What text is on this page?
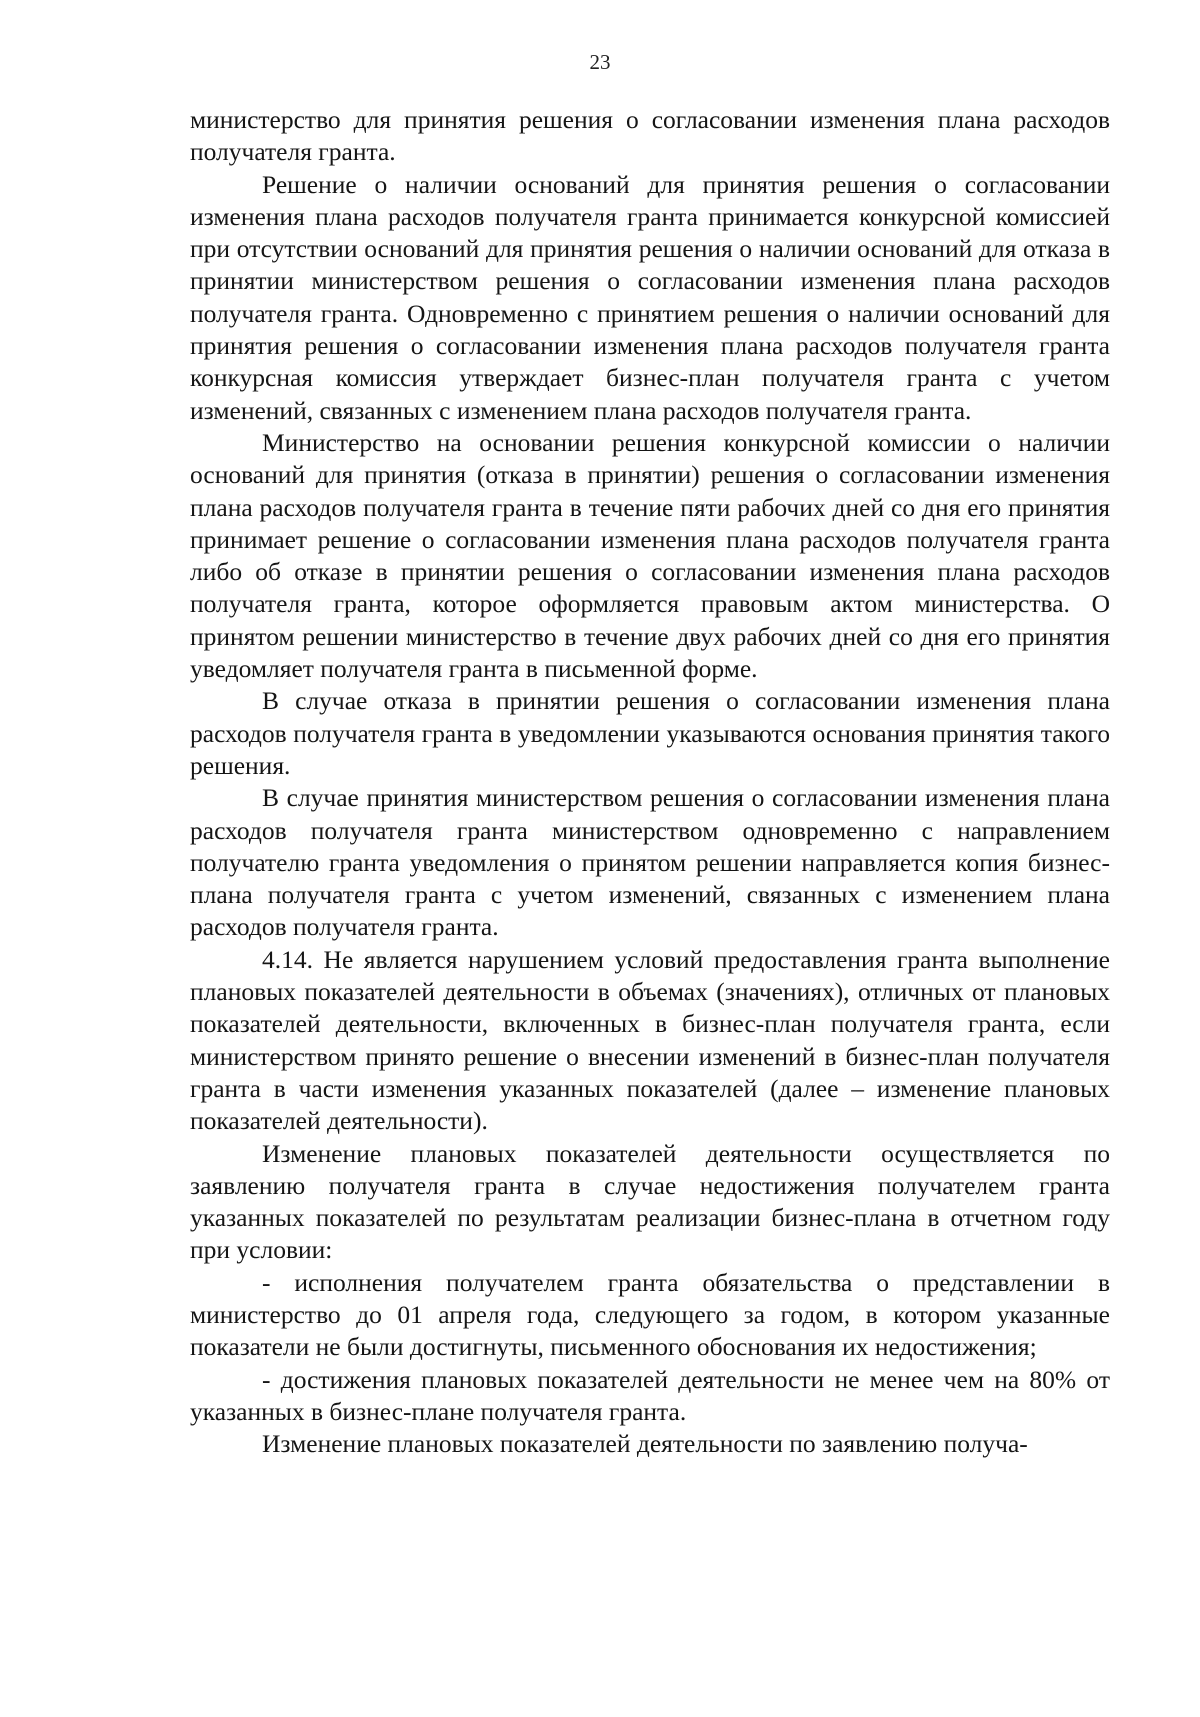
23

министерство для принятия решения о согласовании изменения плана расходов получателя гранта.

Решение о наличии оснований для принятия решения о согласовании изменения плана расходов получателя гранта принимается конкурсной комиссией при отсутствии оснований для принятия решения о наличии оснований для отказа в принятии министерством решения о согласовании изменения плана расходов получателя гранта. Одновременно с принятием решения о наличии оснований для принятия решения о согласовании изменения плана расходов получателя гранта конкурсная комиссия утверждает бизнес-план получателя гранта с учетом изменений, связанных с изменением плана расходов получателя гранта.

Министерство на основании решения конкурсной комиссии о наличии оснований для принятия (отказа в принятии) решения о согласовании изменения плана расходов получателя гранта в течение пяти рабочих дней со дня его принятия принимает решение о согласовании изменения плана расходов получателя гранта либо об отказе в принятии решения о согласовании изменения плана расходов получателя гранта, которое оформляется правовым актом министерства. О принятом решении министерство в течение двух рабочих дней со дня его принятия уведомляет получателя гранта в письменной форме.

В случае отказа в принятии решения о согласовании изменения плана расходов получателя гранта в уведомлении указываются основания принятия такого решения.

В случае принятия министерством решения о согласовании изменения плана расходов получателя гранта министерством одновременно с направлением получателю гранта уведомления о принятом решении направляется копия бизнес-плана получателя гранта с учетом изменений, связанных с изменением плана расходов получателя гранта.

4.14. Не является нарушением условий предоставления гранта выполнение плановых показателей деятельности в объемах (значениях), отличных от плановых показателей деятельности, включенных в бизнес-план получателя гранта, если министерством принято решение о внесении изменений в бизнес-план получателя гранта в части изменения указанных показателей (далее – изменение плановых показателей деятельности).

Изменение плановых показателей деятельности осуществляется по заявлению получателя гранта в случае недостижения получателем гранта указанных показателей по результатам реализации бизнес-плана в отчетном году при условии:

- исполнения получателем гранта обязательства о представлении в министерство до 01 апреля года, следующего за годом, в котором указанные показатели не были достигнуты, письменного обоснования их недостижения;

- достижения плановых показателей деятельности не менее чем на 80% от указанных в бизнес-плане получателя гранта.

Изменение плановых показателей деятельности по заявлению получа-
